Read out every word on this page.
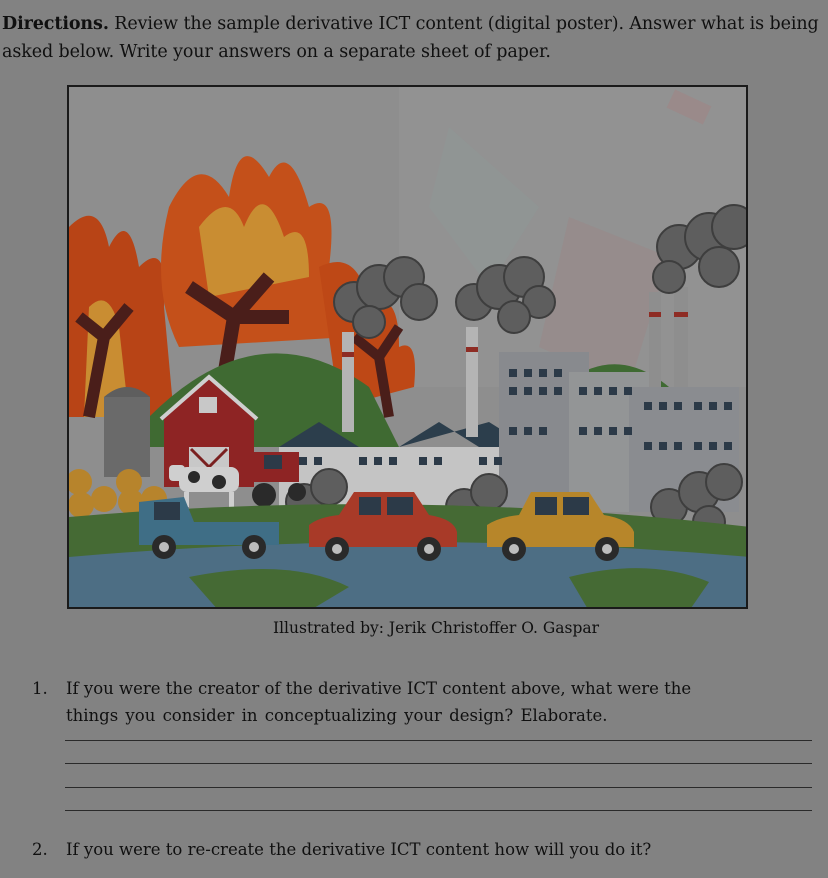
Directions. Review the sample derivative ICT content (digital poster). Answer what is being asked below. Write your answers on a separate sheet of paper.
Illustrated by: Jerik Christoffer O. Gaspar
1. If you were the creator of the derivative ICT content above, what were the
things you consider in conceptualizing your design? Elaborate.
2. If you were to re-create the derivative ICT content how will you do it?
